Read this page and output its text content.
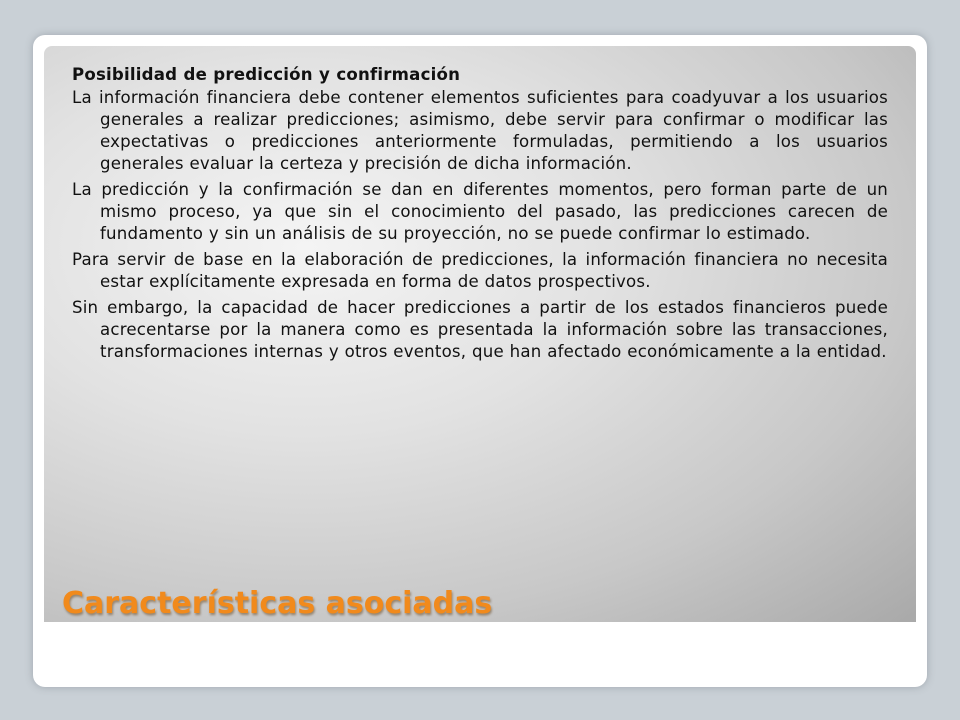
Posibilidad de predicción y confirmación

La información financiera debe contener elementos suficientes para coadyuvar a los usuarios generales a realizar predicciones; asimismo, debe servir para confirmar o modificar las expectativas o predicciones anteriormente formuladas, permitiendo a los usuarios generales evaluar la certeza y precisión de dicha información.

La predicción y la confirmación se dan en diferentes momentos, pero forman parte de un mismo proceso, ya que sin el conocimiento del pasado, las predicciones carecen de fundamento y sin un análisis de su proyección, no se puede confirmar lo estimado.

Para servir de base en la elaboración de predicciones, la información financiera no necesita estar explícitamente expresada en forma de datos prospectivos.

Sin embargo, la capacidad de hacer predicciones a partir de los estados financieros puede acrecentarse por la manera como es presentada la información sobre las transacciones, transformaciones internas y otros eventos, que han afectado económicamente a la entidad.

Características asociadas
